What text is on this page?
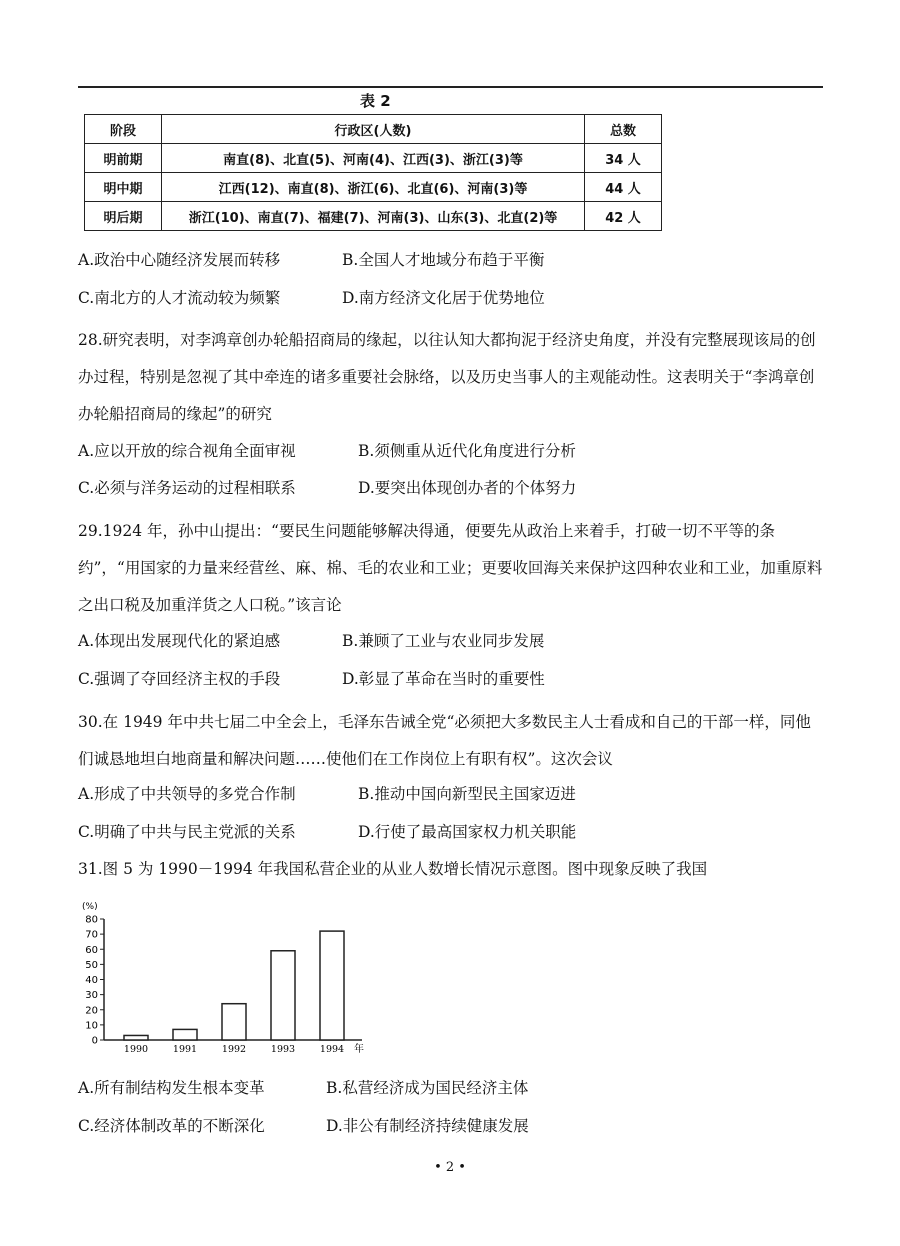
表 2
阶段	行政区(人数)	总数
明前期	南直(8)、北直(5)、河南(4)、江西(3)、浙江(3)等	34 人
明中期	江西(12)、南直(8)、浙江(6)、北直(6)、河南(3)等	44 人
明后期	浙江(10)、南直(7)、福建(7)、河南(3)、山东(3)、北直(2)等	42 人
A.政治中心随经济发展而转移	B.全国人才地域分布趋于平衡
C.南北方的人才流动较为频繁	D.南方经济文化居于优势地位
28.研究表明，对李鸿章创办轮船招商局的缘起，以往认知大都拘泥于经济史角度，并没有完整展现该局的创办过程，特别是忽视了其中牵连的诸多重要社会脉络，以及历史当事人的主观能动性。这表明关于“李鸿章创办轮船招商局的缘起”的研究
A.应以开放的综合视角全面审视	B.须侧重从近代化角度进行分析
C.必须与洋务运动的过程相联系	D.要突出体现创办者的个体努力
29.1924 年，孙中山提出：“要民生问题能够解决得通，便要先从政治上来着手，打破一切不平等的条约”，“用国家的力量来经营丝、麻、棉、毛的农业和工业；更要收回海关来保护这四种农业和工业，加重原料之出口税及加重洋货之人口税。”该言论
A.体现出发展现代化的紧迫感	B.兼顾了工业与农业同步发展
C.强调了夺回经济主权的手段	D.彰显了革命在当时的重要性
30.在 1949 年中共七届二中全会上，毛泽东告诫全党“必须把大多数民主人士看成和自己的干部一样，同他们诚恳地坦白地商量和解决问题……使他们在工作岗位上有职有权”。这次会议
A.形成了中共领导的多党合作制	B.推动中国向新型民主国家迈进
C.明确了中共与民主党派的关系	D.行使了最高国家权力机关职能
31.图 5 为 1990－1994 年我国私营企业的从业人数增长情况示意图。图中现象反映了我国
(%)
0
10
20
30
40
50
60
70
80
1990	1991	1992	1993	1994 年
A.所有制结构发生根本变革	B.私营经济成为国民经济主体
C.经济体制改革的不断深化	D.非公有制经济持续健康发展
• 2 •
